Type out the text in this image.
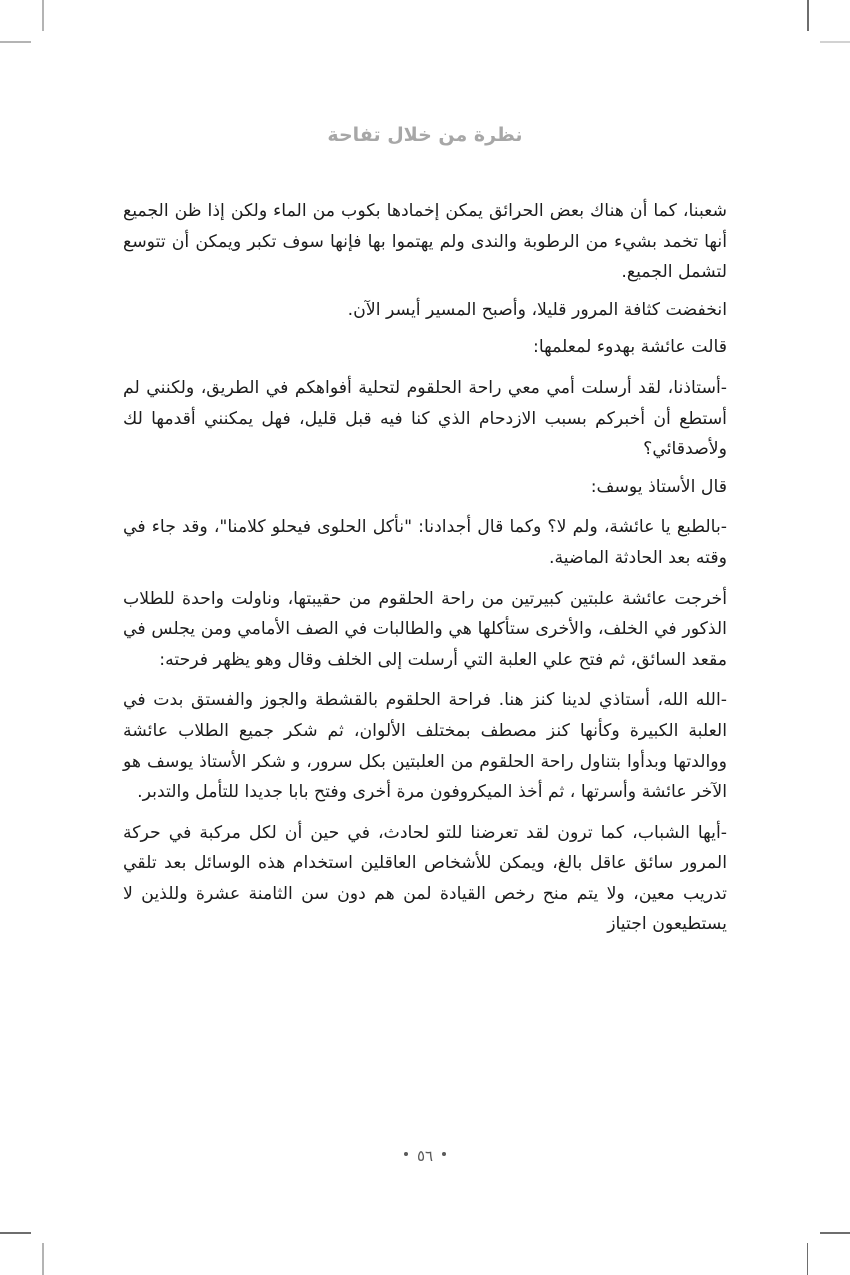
نظرة من خلال تفاحة

شعبنا، كما أن هناك بعض الحرائق يمكن إخمادها بكوب من الماء ولكن إذا ظن الجميع أنها تخمد بشيء من الرطوبة والندى ولم يهتموا بها فإنها سوف تكبر ويمكن أن تتوسع لتشمل الجميع.

انخفضت كثافة المرور قليلا، وأصبح المسير أيسر الآن.

قالت عائشة بهدوء لمعلمها:

-أستاذنا، لقد أرسلت أمي معي راحة الحلقوم لتحلية أفواهكم في الطريق، ولكنني لم أستطع أن أخبركم بسبب الازدحام الذي كنا فيه قبل قليل، فهل يمكنني أقدمها لك ولأصدقائي؟

قال الأستاذ يوسف:

-بالطبع يا عائشة، ولم لا؟ وكما قال أجدادنا: "نأكل الحلوى فيحلو كلامنا"، وقد جاء في وقته بعد الحادثة الماضية.

أخرجت عائشة علبتين كبيرتين من راحة الحلقوم من حقيبتها، وناولت واحدة للطلاب الذكور في الخلف، والأخرى ستأكلها هي والطالبات في الصف الأمامي ومن يجلس في مقعد السائق، ثم فتح علي العلبة التي أرسلت إلى الخلف وقال وهو يظهر فرحته:

-الله الله، أستاذي لدينا كنز هنا. فراحة الحلقوم بالقشطة والجوز والفستق بدت في العلبة الكبيرة وكأنها كنز مصطف بمختلف الألوان، ثم شكر جميع الطلاب عائشة ووالدتها وبدأوا بتناول راحة الحلقوم من العلبتين بكل سرور، و شكر الأستاذ يوسف هو الآخر عائشة وأسرتها ، ثم أخذ الميكروفون مرة أخرى وفتح بابا جديدا للتأمل والتدبر.

-أيها الشباب، كما ترون لقد تعرضنا للتو لحادث، في حين أن لكل مركبة في حركة المرور سائق عاقل بالغ، ويمكن للأشخاص العاقلين استخدام هذه الوسائل بعد تلقي تدريب معين، ولا يتم منح رخص القيادة لمن هم دون سن الثامنة عشرة وللذين لا يستطيعون اجتياز

٥٦
